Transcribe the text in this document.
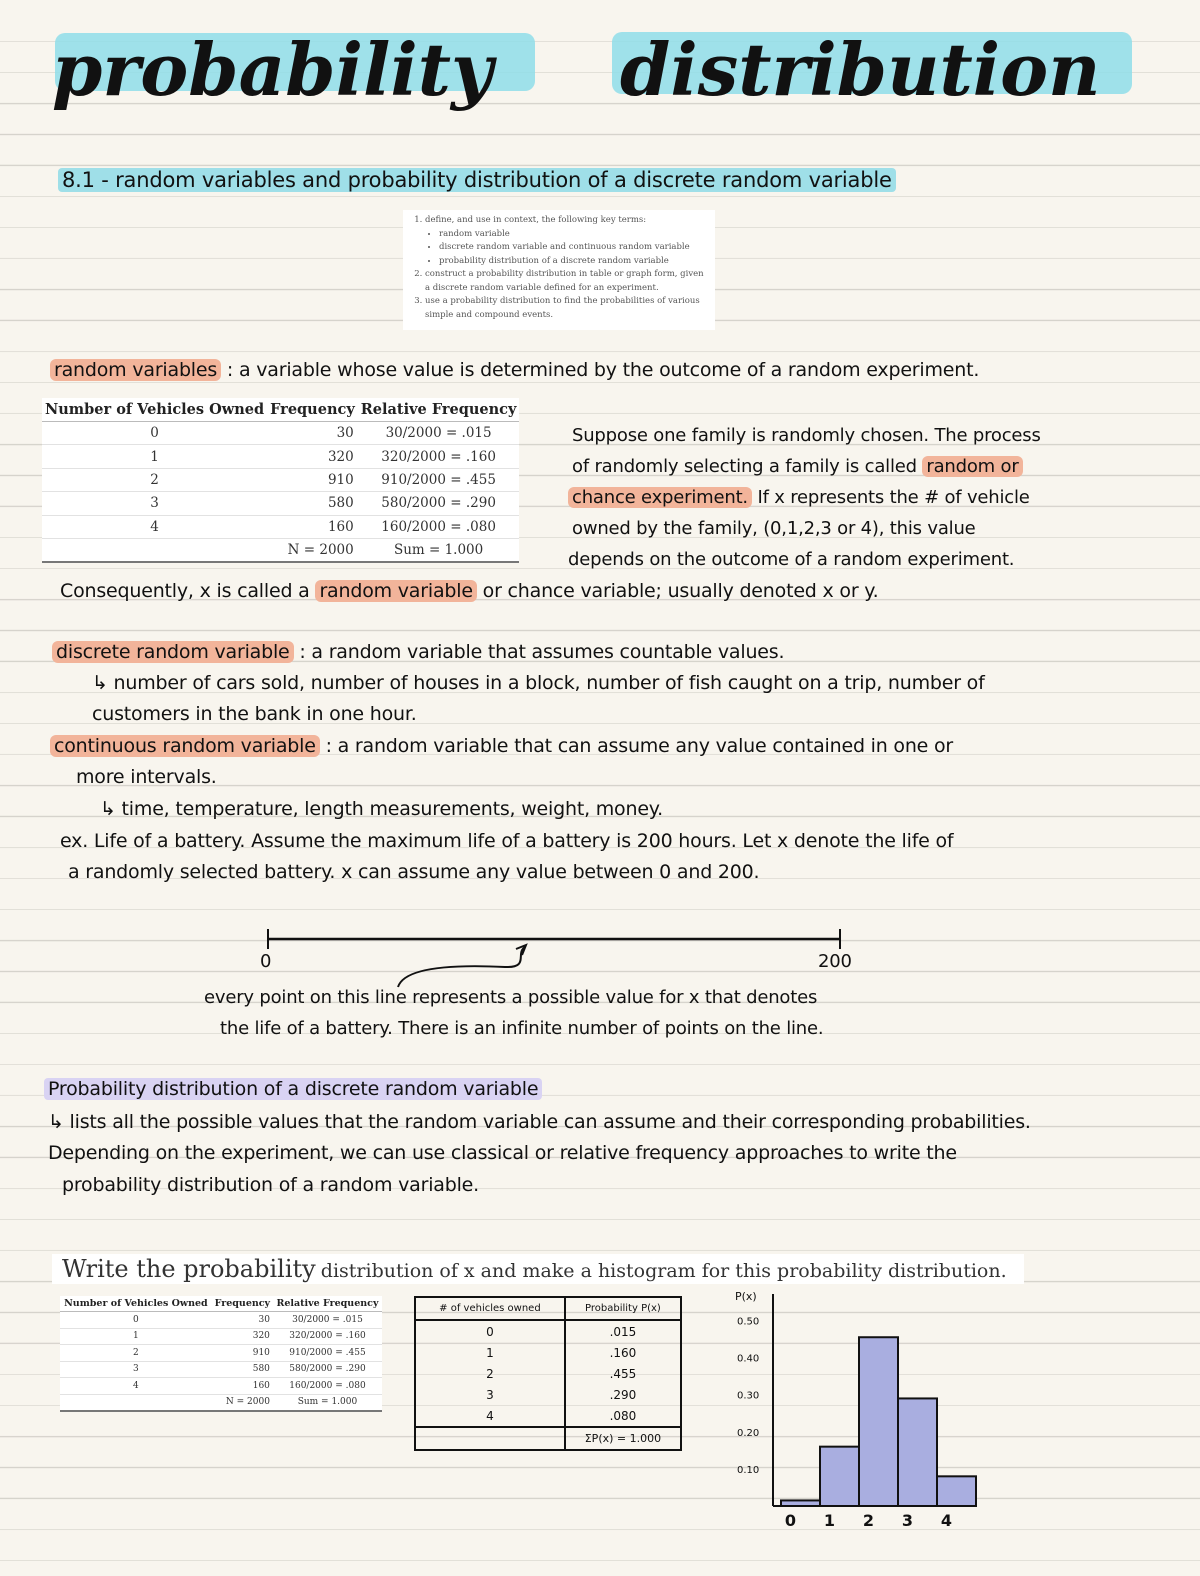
probability distribution
8.1 - random variables and probability distribution of a discrete random variable
1. define, and use in context, the following key terms:
• random variable
• discrete random variable and continuous random variable
• probability distribution of a discrete random variable
2. construct a probability distribution in table or graph form, given a discrete random variable defined for an experiment.
3. use a probability distribution to find the probabilities of various simple and compound events.
random variables : a variable whose value is determined by the outcome of a random experiment.
Number of Vehicles Owned	Frequency	Relative Frequency
0	30	30/2000 = .015
1	320	320/2000 = .160
2	910	910/2000 = .455
3	580	580/2000 = .290
4	160	160/2000 = .080
	N = 2000	Sum = 1.000
Suppose one family is randomly chosen. The process
of randomly selecting a family is called random or
chance experiment. If x represents the # of vehicle
owned by the family, (0,1,2,3 or 4), this value
depends on the outcome of a random experiment.
Consequently, x is called a random variable or chance variable; usually denoted x or y.
discrete random variable : a random variable that assumes countable values.
↳ number of cars sold, number of houses in a block, number of fish caught on a trip, number of
customers in the bank in one hour.
continuous random variable : a random variable that can assume any value contained in one or
more intervals.
↳ time, temperature, length measurements, weight, money.
ex. Life of a battery. Assume the maximum life of a battery is 200 hours. Let x denote the life of
a randomly selected battery. x can assume any value between 0 and 200.
0	200
every point on this line represents a possible value for x that denotes
the life of a battery. There is an infinite number of points on the line.
Probability distribution of a discrete random variable
↳ lists all the possible values that the random variable can assume and their corresponding probabilities.
Depending on the experiment, we can use classical or relative frequency approaches to write the
probability distribution of a random variable.
Write the probability distribution of x and make a histogram for this probability distribution.
Number of Vehicles Owned	Frequency	Relative Frequency
0	30	30/2000 = .015
1	320	320/2000 = .160
2	910	910/2000 = .455
3	580	580/2000 = .290
4	160	160/2000 = .080
	N = 2000	Sum = 1.000
# of vehicles owned	Probability P(x)
0	.015
1	.160
2	.455
3	.290
4	.080
	ΣP(x) = 1.000
P(x)
0.10
0.20
0.30
0.40
0.50
0 1 2 3 4
